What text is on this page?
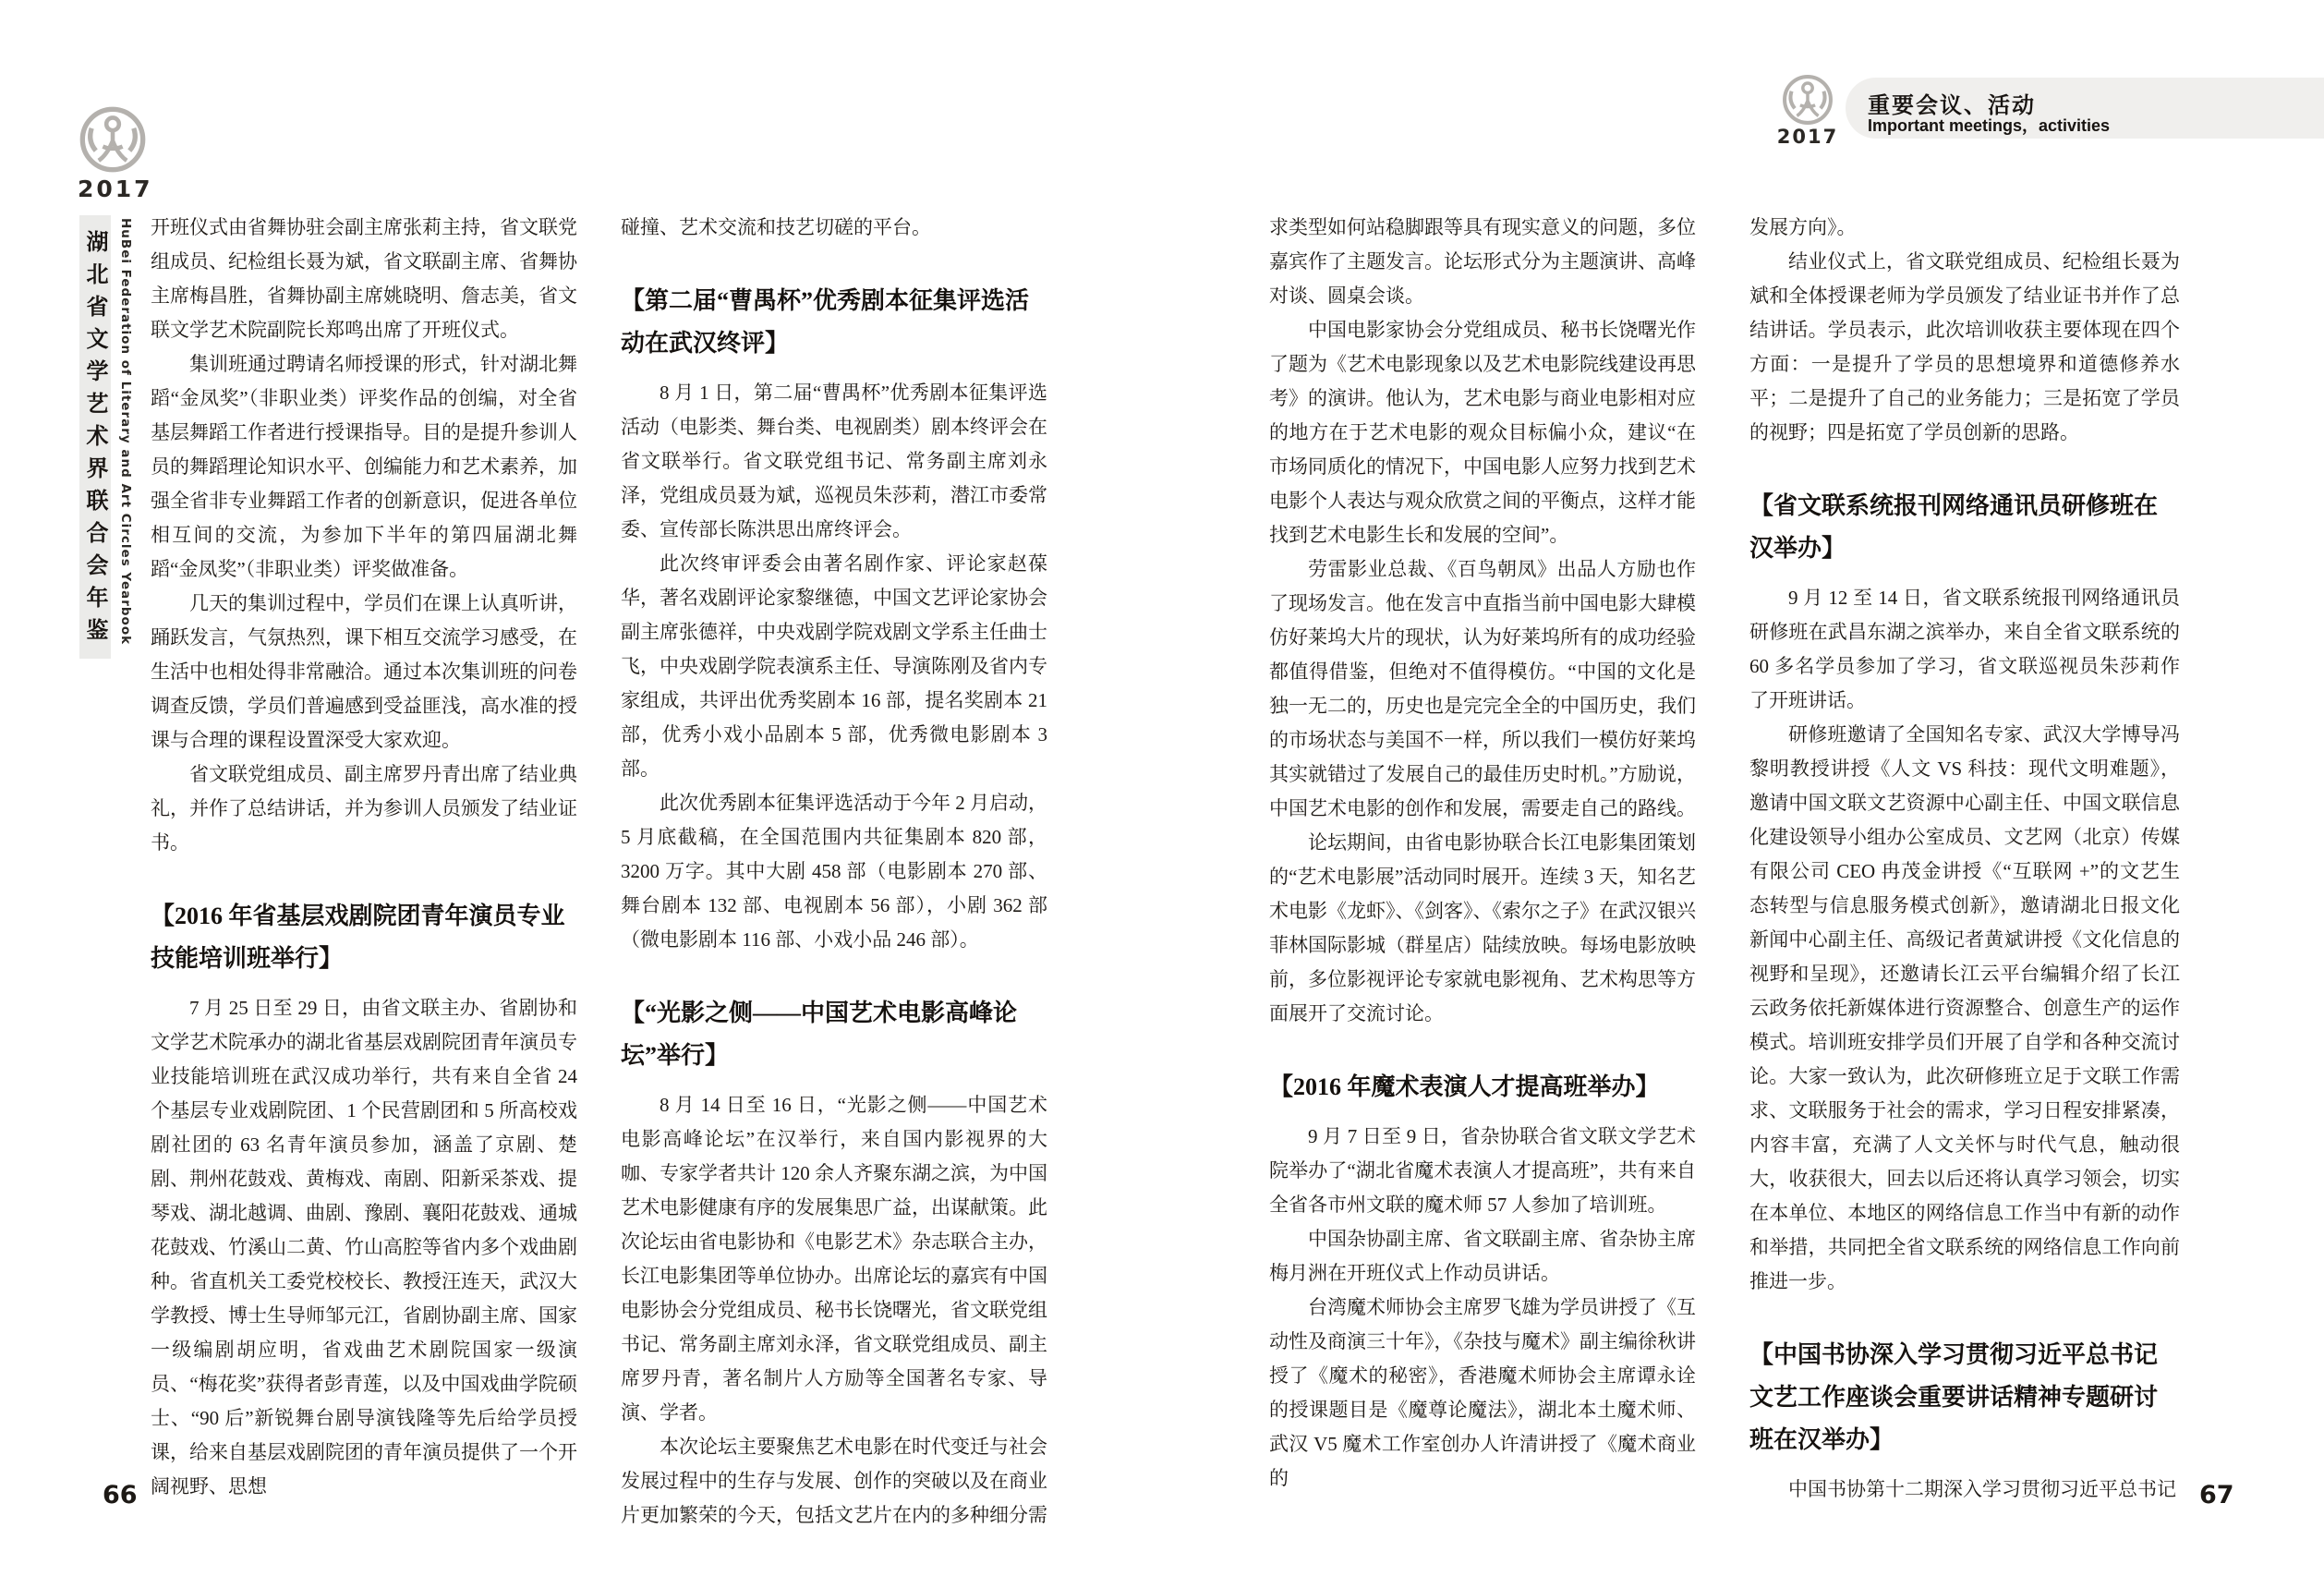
2017
湖北省文学艺术界联合会年鉴 HuBei Federation of Literary and Art Circles Yearbook
2017
重要会议、活动
Important meetings，activities
开班仪式由省舞协驻会副主席张莉主持，省文联党组成员、纪检组长聂为斌，省文联副主席、省舞协主席梅昌胜，省舞协副主席姚晓明、詹志美，省文联文学艺术院副院长郑鸣出席了开班仪式。
集训班通过聘请名师授课的形式，针对湖北舞蹈“金凤奖”（非职业类）评奖作品的创编，对全省基层舞蹈工作者进行授课指导。目的是提升参训人员的舞蹈理论知识水平、创编能力和艺术素养，加强全省非专业舞蹈工作者的创新意识，促进各单位相互间的交流，为参加下半年的第四届湖北舞蹈“金凤奖”（非职业类）评奖做准备。
几天的集训过程中，学员们在课上认真听讲，踊跃发言，气氛热烈，课下相互交流学习感受，在生活中也相处得非常融洽。通过本次集训班的问卷调查反馈，学员们普遍感到受益匪浅，高水准的授课与合理的课程设置深受大家欢迎。
省文联党组成员、副主席罗丹青出席了结业典礼，并作了总结讲话，并为参训人员颁发了结业证书。
【2016 年省基层戏剧院团青年演员专业技能培训班举行】
7 月 25 日至 29 日，由省文联主办、省剧协和文学艺术院承办的湖北省基层戏剧院团青年演员专业技能培训班在武汉成功举行，共有来自全省 24 个基层专业戏剧院团、1 个民营剧团和 5 所高校戏剧社团的 63 名青年演员参加，涵盖了京剧、楚剧、荆州花鼓戏、黄梅戏、南剧、阳新采茶戏、提琴戏、湖北越调、曲剧、豫剧、襄阳花鼓戏、通城花鼓戏、竹溪山二黄、竹山高腔等省内多个戏曲剧种。省直机关工委党校校长、教授汪连天，武汉大学教授、博士生导师邹元江，省剧协副主席、国家一级编剧胡应明，省戏曲艺术剧院国家一级演员、“梅花奖”获得者彭青莲，以及中国戏曲学院硕士、“90 后”新锐舞台剧导演钱隆等先后给学员授课，给来自基层戏剧院团的青年演员提供了一个开阔视野、思想
碰撞、艺术交流和技艺切磋的平台。
【第二届“曹禺杯”优秀剧本征集评选活动在武汉终评】
8 月 1 日，第二届“曹禺杯”优秀剧本征集评选活动（电影类、舞台类、电视剧类）剧本终评会在省文联举行。省文联党组书记、常务副主席刘永泽，党组成员聂为斌，巡视员朱莎莉，潜江市委常委、宣传部长陈洪思出席终评会。
此次终审评委会由著名剧作家、评论家赵葆华，著名戏剧评论家黎继德，中国文艺评论家协会副主席张德祥，中央戏剧学院戏剧文学系主任曲士飞，中央戏剧学院表演系主任、导演陈刚及省内专家组成，共评出优秀奖剧本 16 部，提名奖剧本 21 部，优秀小戏小品剧本 5 部，优秀微电影剧本 3 部。
此次优秀剧本征集评选活动于今年 2 月启动，5 月底截稿，在全国范围内共征集剧本 820 部，3200 万字。其中大剧 458 部（电影剧本 270 部、舞台剧本 132 部、电视剧本 56 部），小剧 362 部（微电影剧本 116 部、小戏小品 246 部）。
【“光影之侧——中国艺术电影高峰论坛”举行】
8 月 14 日至 16 日，“光影之侧——中国艺术电影高峰论坛”在汉举行，来自国内影视界的大咖、专家学者共计 120 余人齐聚东湖之滨，为中国艺术电影健康有序的发展集思广益，出谋献策。此次论坛由省电影协和《电影艺术》杂志联合主办，长江电影集团等单位协办。出席论坛的嘉宾有中国电影协会分党组成员、秘书长饶曙光，省文联党组书记、常务副主席刘永泽，省文联党组成员、副主席罗丹青，著名制片人方励等全国著名专家、导演、学者。
本次论坛主要聚焦艺术电影在时代变迁与社会发展过程中的生存与发展、创作的突破以及在商业片更加繁荣的今天，包括文艺片在内的多种细分需
求类型如何站稳脚跟等具有现实意义的问题，多位嘉宾作了主题发言。论坛形式分为主题演讲、高峰对谈、圆桌会谈。
中国电影家协会分党组成员、秘书长饶曙光作了题为《艺术电影现象以及艺术电影院线建设再思考》的演讲。他认为，艺术电影与商业电影相对应的地方在于艺术电影的观众目标偏小众，建议“在市场同质化的情况下，中国电影人应努力找到艺术电影个人表达与观众欣赏之间的平衡点，这样才能找到艺术电影生长和发展的空间”。
劳雷影业总裁、《百鸟朝凤》出品人方励也作了现场发言。他在发言中直指当前中国电影大肆模仿好莱坞大片的现状，认为好莱坞所有的成功经验都值得借鉴，但绝对不值得模仿。“中国的文化是独一无二的，历史也是完完全全的中国历史，我们的市场状态与美国不一样，所以我们一模仿好莱坞其实就错过了发展自己的最佳历史时机。”方励说，中国艺术电影的创作和发展，需要走自己的路线。
论坛期间，由省电影协联合长江电影集团策划的“艺术电影展”活动同时展开。连续 3 天，知名艺术电影《龙虾》、《剑客》、《索尔之子》在武汉银兴菲林国际影城（群星店）陆续放映。每场电影放映前，多位影视评论专家就电影视角、艺术构思等方面展开了交流讨论。
【2016 年魔术表演人才提高班举办】
9 月 7 日至 9 日，省杂协联合省文联文学艺术院举办了“湖北省魔术表演人才提高班”，共有来自全省各市州文联的魔术师 57 人参加了培训班。
中国杂协副主席、省文联副主席、省杂协主席梅月洲在开班仪式上作动员讲话。
台湾魔术师协会主席罗飞雄为学员讲授了《互动性及商演三十年》，《杂技与魔术》副主编徐秋讲授了《魔术的秘密》，香港魔术师协会主席谭永诠的授课题目是《魔尊论魔法》，湖北本土魔术师、武汉 V5 魔术工作室创办人许清讲授了《魔术商业的
发展方向》。
结业仪式上，省文联党组成员、纪检组长聂为斌和全体授课老师为学员颁发了结业证书并作了总结讲话。学员表示，此次培训收获主要体现在四个方面：一是提升了学员的思想境界和道德修养水平；二是提升了自己的业务能力；三是拓宽了学员的视野；四是拓宽了学员创新的思路。
【省文联系统报刊网络通讯员研修班在汉举办】
9 月 12 至 14 日，省文联系统报刊网络通讯员研修班在武昌东湖之滨举办，来自全省文联系统的 60 多名学员参加了学习，省文联巡视员朱莎莉作了开班讲话。
研修班邀请了全国知名专家、武汉大学博导冯黎明教授讲授《人文 VS 科技：现代文明难题》，邀请中国文联文艺资源中心副主任、中国文联信息化建设领导小组办公室成员、文艺网（北京）传媒有限公司 CEO 冉茂金讲授《“互联网 +”的文艺生态转型与信息服务模式创新》，邀请湖北日报文化新闻中心副主任、高级记者黄斌讲授《文化信息的视野和呈现》，还邀请长江云平台编辑介绍了长江云政务依托新媒体进行资源整合、创意生产的运作模式。培训班安排学员们开展了自学和各种交流讨论。大家一致认为，此次研修班立足于文联工作需求、文联服务于社会的需求，学习日程安排紧凑，内容丰富，充满了人文关怀与时代气息，触动很大，收获很大，回去以后还将认真学习领会，切实在本单位、本地区的网络信息工作当中有新的动作和举措，共同把全省文联系统的网络信息工作向前推进一步。
【中国书协深入学习贯彻习近平总书记文艺工作座谈会重要讲话精神专题研讨班在汉举办】
中国书协第十二期深入学习贯彻习近平总书记
66	67
